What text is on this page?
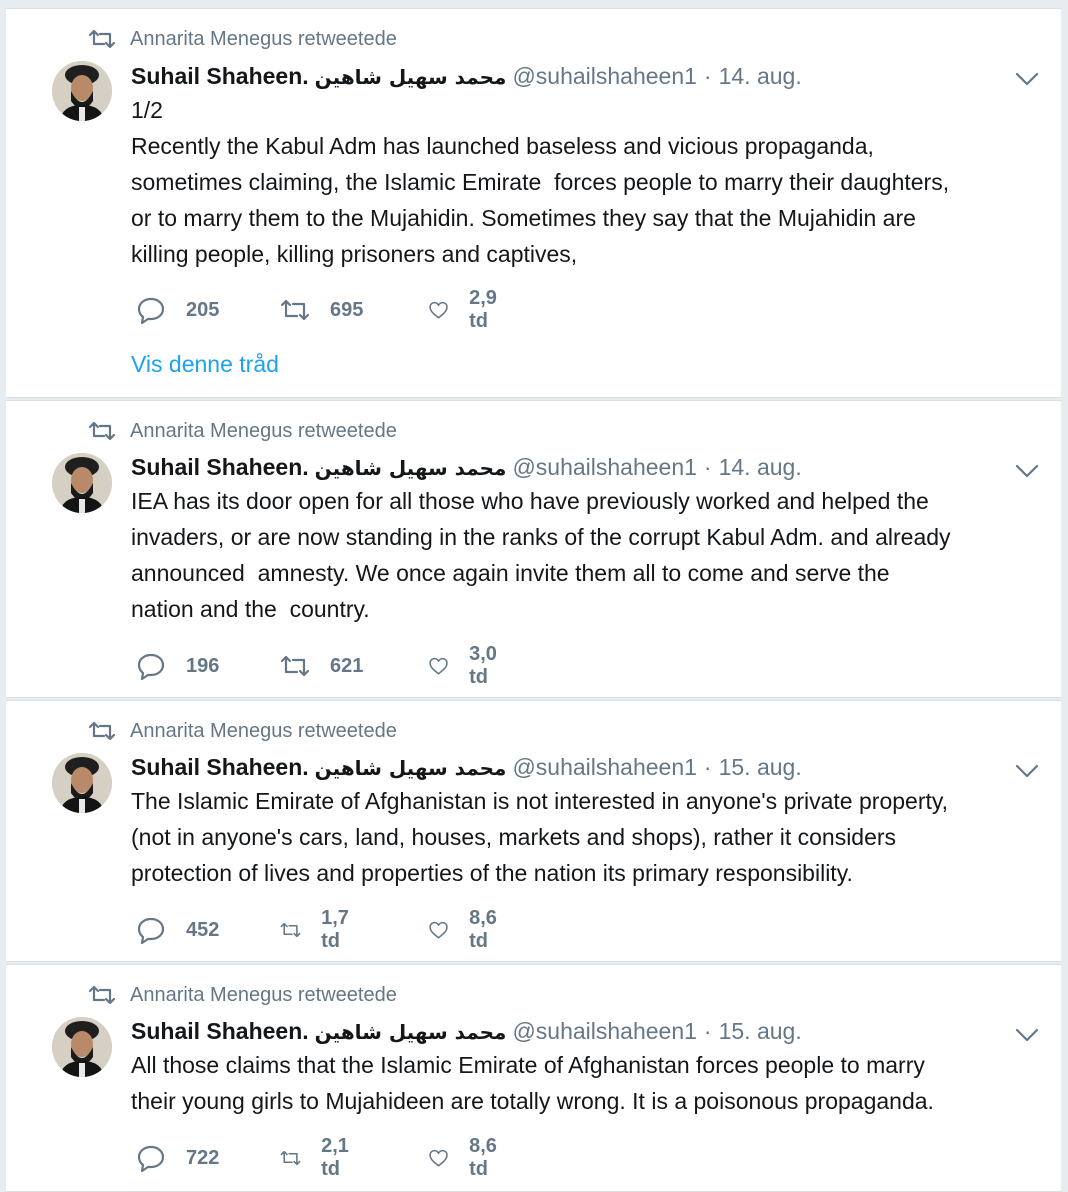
Annarita Menegus retweetede
Suhail Shaheen. محمد سهیل شاهین @suhailshaheen1 · 14. aug.
1/2
Recently the Kabul Adm has launched baseless and vicious propaganda,
sometimes claiming, the Islamic Emirate  forces people to marry their daughters,
or to marry them to the Mujahidin. Sometimes they say that the Mujahidin are
killing people, killing prisoners and captives,
205	695
2,9 td
Vis denne tråd
Annarita Menegus retweetede
Suhail Shaheen. محمد سهیل شاهین @suhailshaheen1 · 14. aug.
IEA has its door open for all those who have previously worked and helped the
invaders, or are now standing in the ranks of the corrupt Kabul Adm. and already
announced  amnesty. We once again invite them all to come and serve the
nation and the  country.
196	621
3,0 td
Annarita Menegus retweetede
Suhail Shaheen. محمد سهیل شاهین @suhailshaheen1 · 15. aug.
The Islamic Emirate of Afghanistan is not interested in anyone's private property,
(not in anyone's cars, land, houses, markets and shops), rather it considers
protection of lives and properties of the nation its primary responsibility.
452
1,7 td
8,6 td
Annarita Menegus retweetede
Suhail Shaheen. محمد سهیل شاهین @suhailshaheen1 · 15. aug.
All those claims that the Islamic Emirate of Afghanistan forces people to marry
their young girls to Mujahideen are totally wrong. It is a poisonous propaganda.
722
2,1 td
8,6 td
